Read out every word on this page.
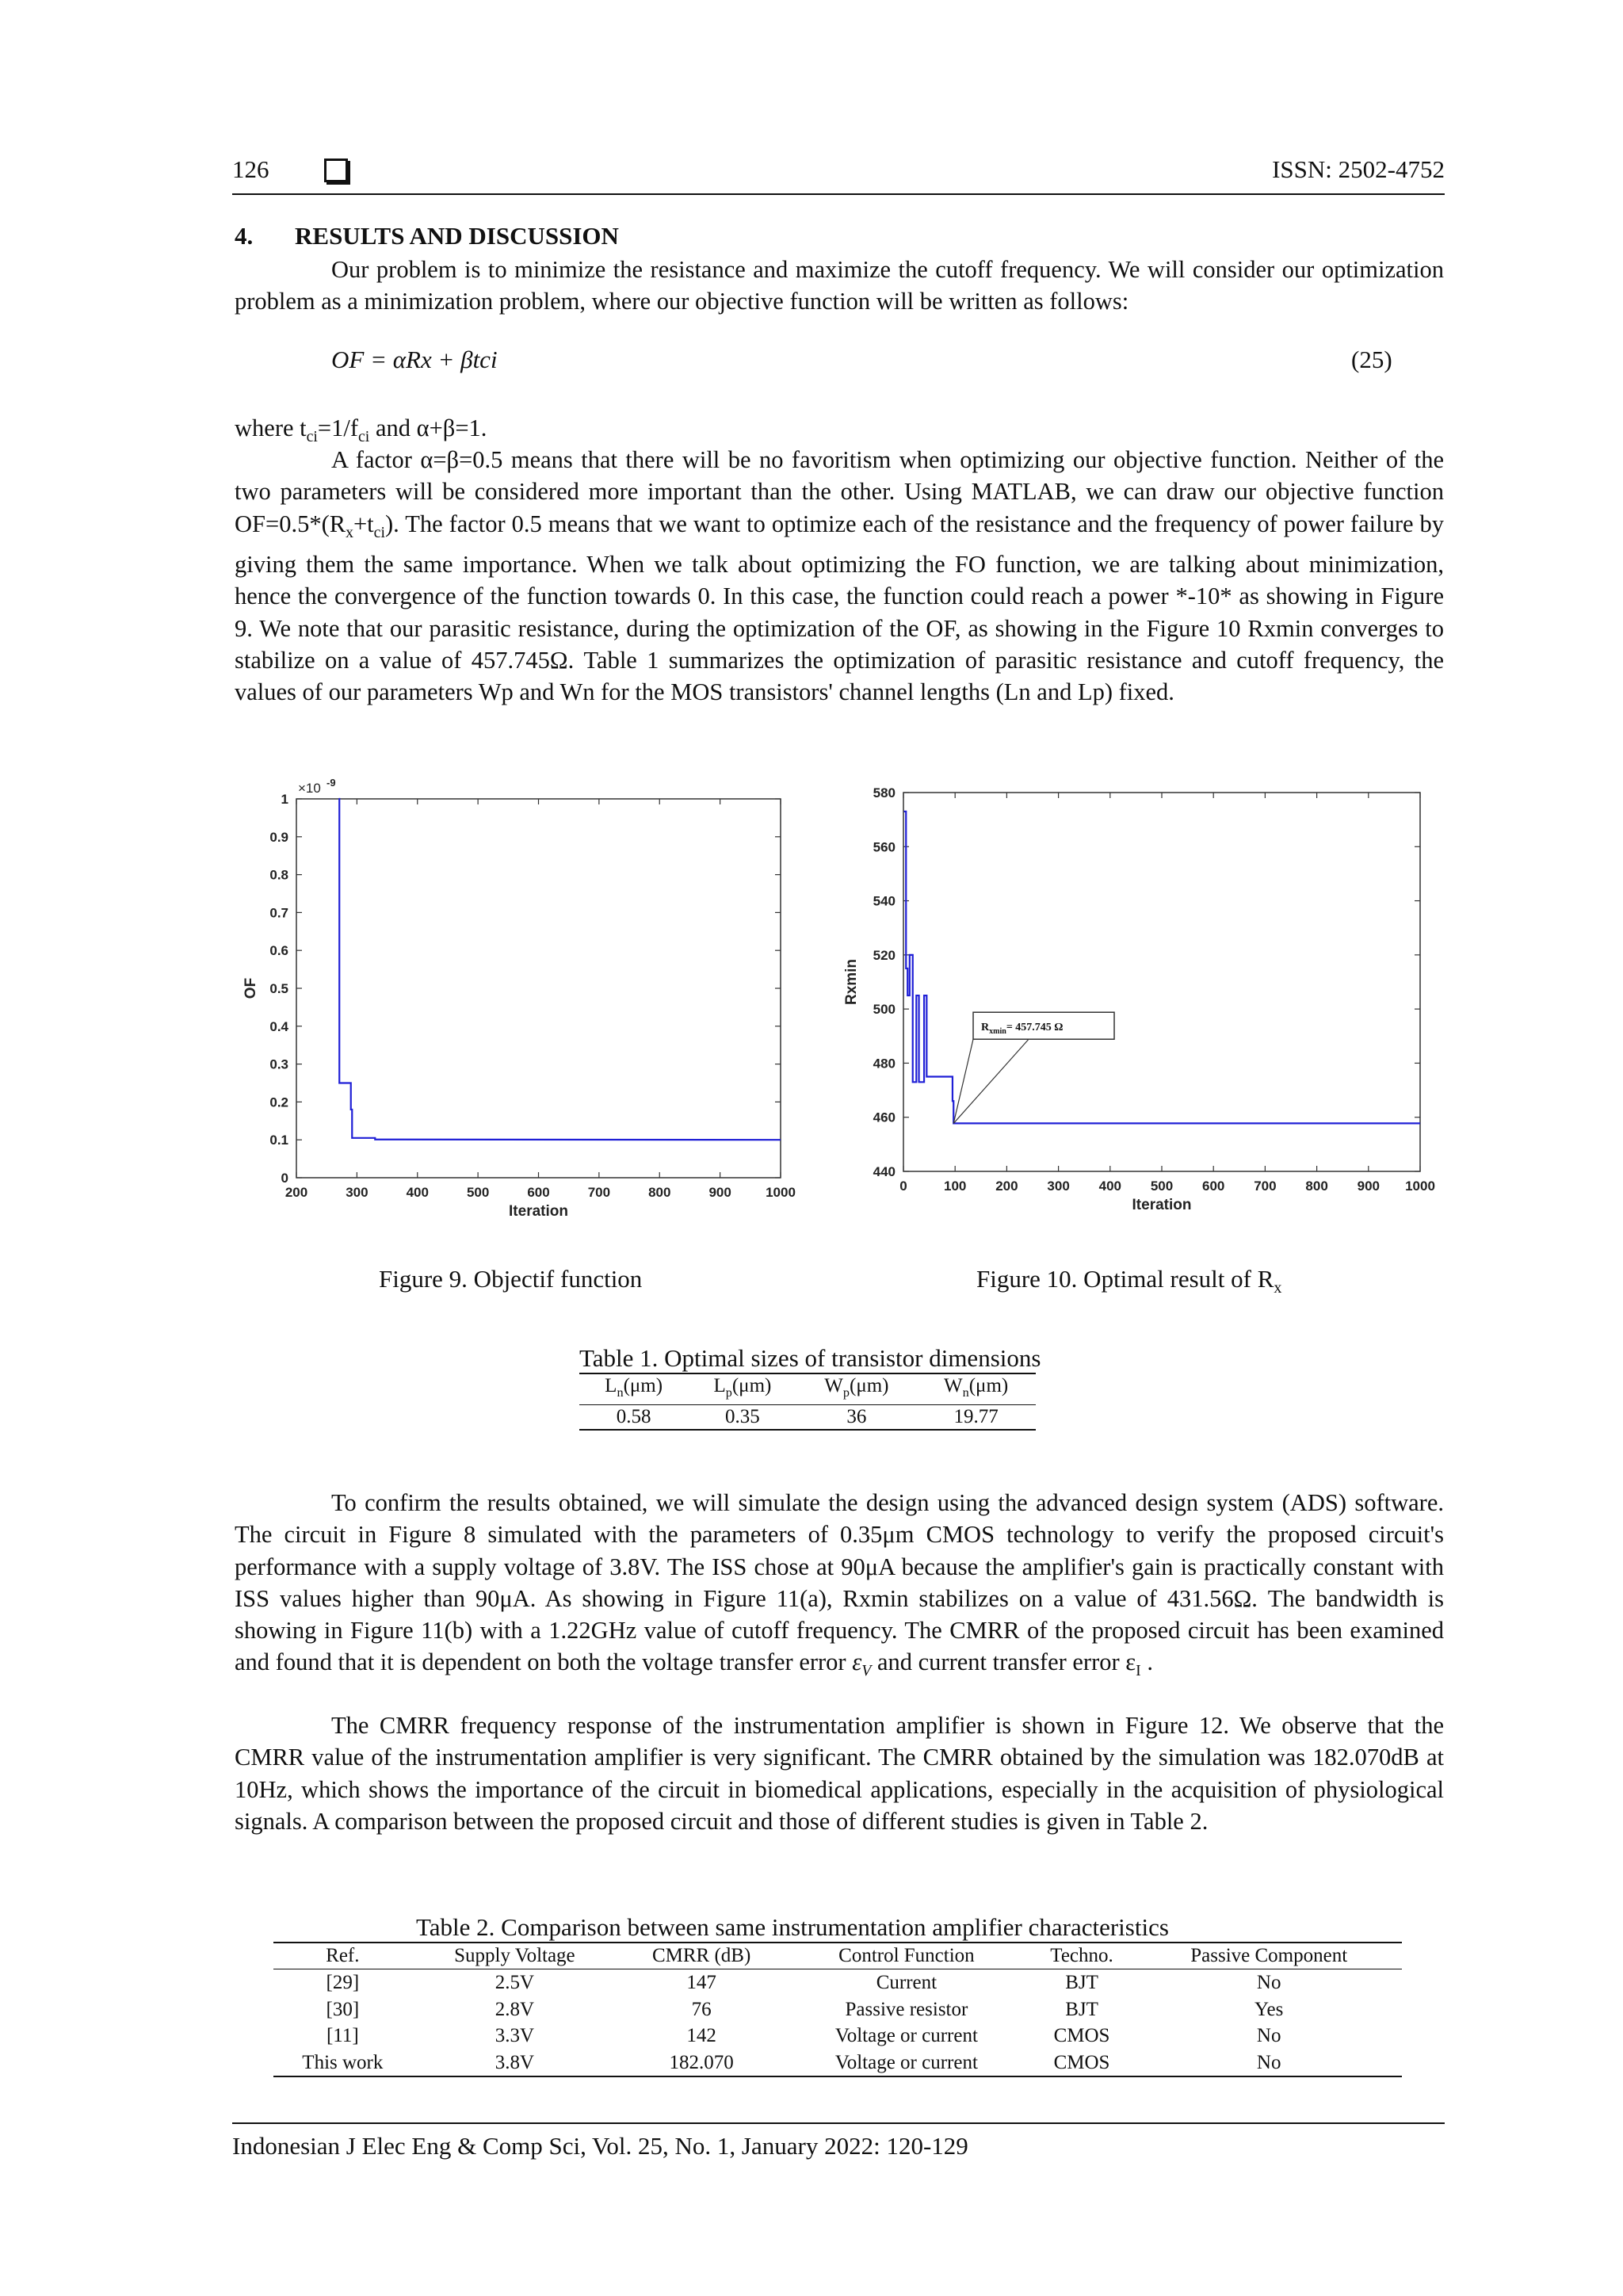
126	ISSN: 2502-4752
4. RESULTS AND DISCUSSION
Our problem is to minimize the resistance and maximize the cutoff frequency. We will consider our optimization problem as a minimization problem, where our objective function will be written as follows:
OF = αRx + βtci	(25)
where $t_{ci}=1/f_{ci}$ and α+β=1.
A factor α=β=0.5 means that there will be no favoritism when optimizing our objective function. Neither of the two parameters will be considered more important than the other. Using MATLAB, we can draw our objective function $OF=0.5*(R_x+t_{ci})$. The factor 0.5 means that we want to optimize each of the resistance and the frequency of power failure by giving them the same importance. When we talk about optimizing the FO function, we are talking about minimization, hence the convergence of the function towards 0. In this case, the function could reach a power *-10* as showing in Figure 9. We note that our parasitic resistance, during the optimization of the OF, as showing in the Figure 10 Rxmin converges to stabilize on a value of 457.745Ω. Table 1 summarizes the optimization of parasitic resistance and cutoff frequency, the values of our parameters Wp and Wn for the MOS transistors' channel lengths (Ln and Lp) fixed.
200	300	400	500	600	700	800	900	1000
0
0.1
0.2
0.3
0.4
0.5
0.6
0.7
0.8
0.9
1
Iteration
OF
×10 -9
0	100 200 300 400 500 600 700 800 900 1000
440
460
480
500
520
540
560
580
Iteration
Rxmin
$R_{xmin}= 457.745$ Ω
Figure 9. Objectif function	Figure 10. Optimal result of $R_x$
Table 1. Optimal sizes of transistor dimensions
$L_n(\mu m)$	$L_p(\mu m)$	$W_p(\mu m)$	$W_n(\mu m)$
0.58	0.35	36	19.77
To confirm the results obtained, we will simulate the design using the advanced design system (ADS) software. The circuit in Figure 8 simulated with the parameters of 0.35μm CMOS technology to verify the proposed circuit's performance with a supply voltage of 3.8V. The ISS chose at 90μA because the amplifier's gain is practically constant with ISS values higher than 90μA. As showing in Figure 11(a), Rxmin stabilizes on a value of 431.56Ω. The bandwidth is showing in Figure 11(b) with a 1.22GHz value of cutoff frequency. The CMRR of the proposed circuit has been examined and found that it is dependent on both the voltage transfer error $\varepsilon_V$ and current transfer error $\varepsilon_I$ .
The CMRR frequency response of the instrumentation amplifier is shown in Figure 12. We observe that the CMRR value of the instrumentation amplifier is very significant. The CMRR obtained by the simulation was 182.070dB at 10Hz, which shows the importance of the circuit in biomedical applications, especially in the acquisition of physiological signals. A comparison between the proposed circuit and those of different studies is given in Table 2.
Table 2. Comparison between same instrumentation amplifier characteristics
Ref.	Supply Voltage	CMRR (dB)	Control Function	Techno.	Passive Component
[29]	2.5V	147	Current	BJT	No
[30]	2.8V	76	Passive resistor	BJT	Yes
[11]	3.3V	142	Voltage or current	CMOS	No
This work	3.8V	182.070	Voltage or current	CMOS	No
Indonesian J Elec Eng & Comp Sci, Vol. 25, No. 1, January 2022: 120-129
